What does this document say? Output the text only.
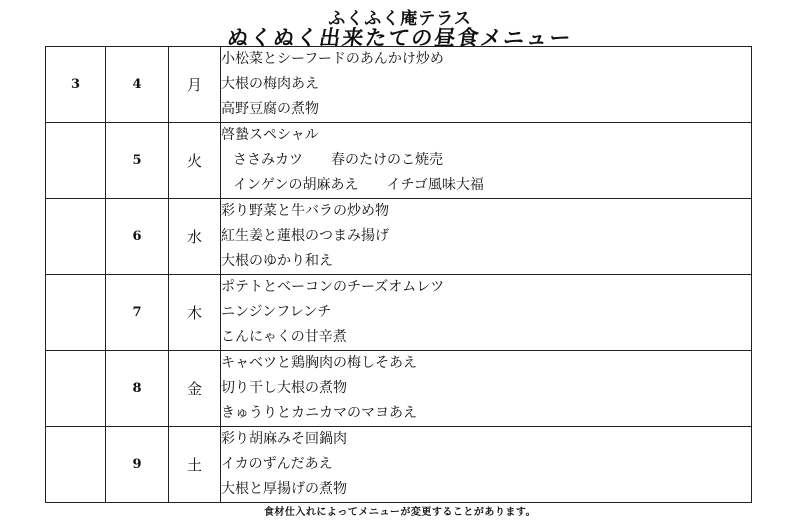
ふくふく庵テラス
ぬくぬく出来たての昼食メニュー
3	4	月	小松菜とシーフードのあんかけ炒め
大根の梅肉あえ
高野豆腐の煮物

	5	火	啓蟄スペシャル
ささみカツ 春のたけのこ焼売
インゲンの胡麻あえ イチゴ風味大福

	6	水	彩り野菜と牛バラの炒め物
紅生姜と蓮根のつまみ揚げ
大根のゆかり和え

	7	木	ポテトとベーコンのチーズオムレツ
ニンジンフレンチ
こんにゃくの甘辛煮

	8	金	キャベツと鶏胸肉の梅しそあえ
切り干し大根の煮物
きゅうりとカニカマのマヨあえ

	9	土	彩り胡麻みそ回鍋肉
イカのずんだあえ
大根と厚揚げの煮物
食材仕入れによってメニューが変更することがあります。
